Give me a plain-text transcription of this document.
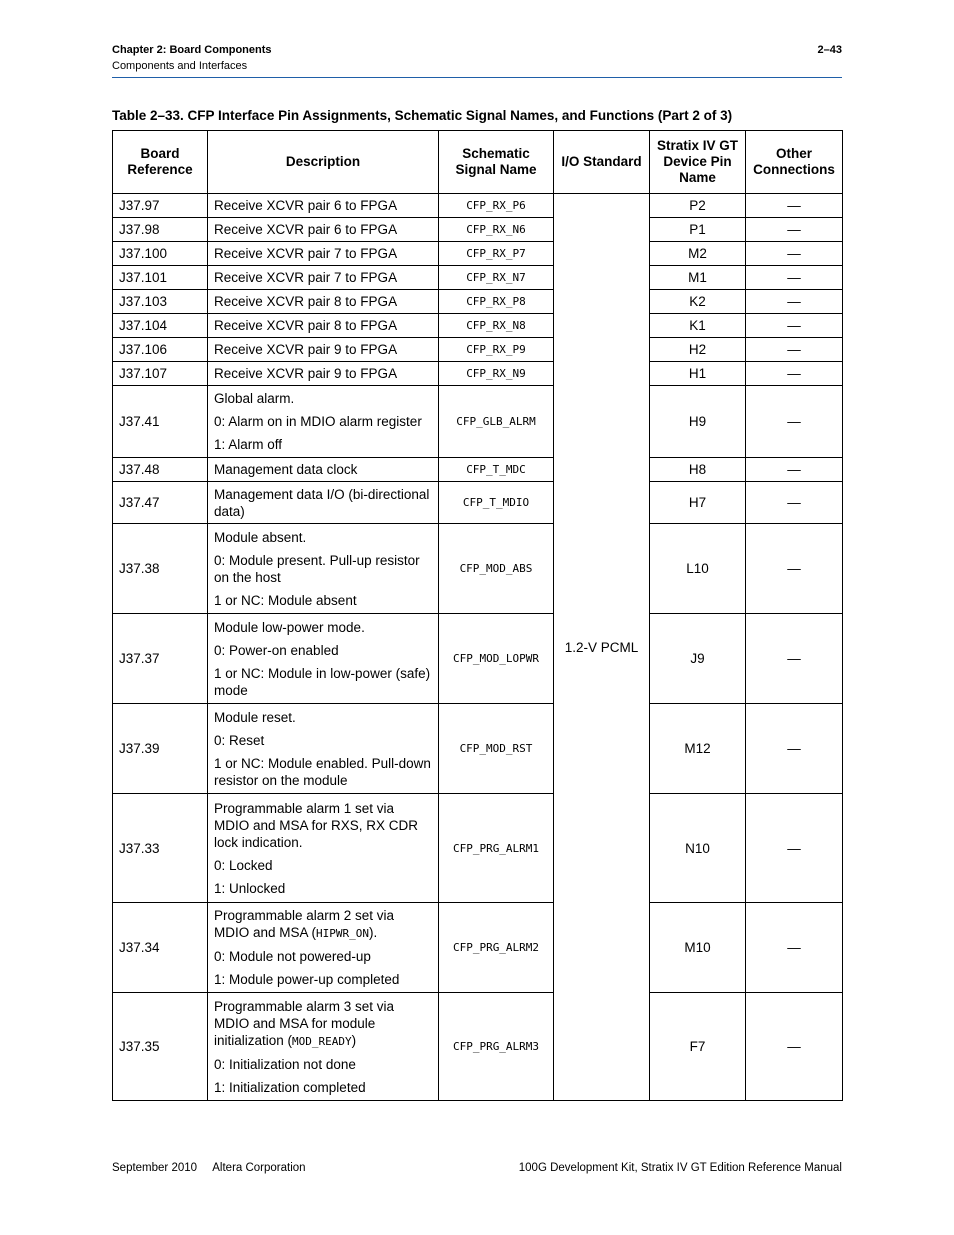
Chapter 2: Board Components
Components and Interfaces
2–43
Table 2–33. CFP Interface Pin Assignments, Schematic Signal Names, and Functions (Part 2 of 3)
Board Reference	Description	Schematic Signal Name	I/O Standard	Stratix IV GT Device Pin Name	Other Connections
J37.97	Receive XCVR pair 6 to FPGA	CFP_RX_P6	1.2-V PCML	P2	—
J37.98	Receive XCVR pair 6 to FPGA	CFP_RX_N6		P1	—
J37.100	Receive XCVR pair 7 to FPGA	CFP_RX_P7		M2	—
J37.101	Receive XCVR pair 7 to FPGA	CFP_RX_N7		M1	—
J37.103	Receive XCVR pair 8 to FPGA	CFP_RX_P8		K2	—
J37.104	Receive XCVR pair 8 to FPGA	CFP_RX_N8		K1	—
J37.106	Receive XCVR pair 9 to FPGA	CFP_RX_P9		H2	—
J37.107	Receive XCVR pair 9 to FPGA	CFP_RX_N9		H1	—
J37.41	Global alarm.

0: Alarm on in MDIO alarm register

1: Alarm off	CFP_GLB_ALRM		H9	—
J37.48	Management data clock	CFP_T_MDC		H8	—
J37.47	Management data I/O (bi-directional data)	CFP_T_MDIO		H7	—
J37.38	Module absent.

0: Module present. Pull-up resistor on the host

1 or NC: Module absent	CFP_MOD_ABS		L10	—
J37.37	Module low-power mode.

0: Power-on enabled

1 or NC: Module in low-power (safe) mode	CFP_MOD_LOPWR		J9	—
J37.39	Module reset.

0: Reset

1 or NC: Module enabled. Pull-down resistor on the module	CFP_MOD_RST		M12	—
J37.33	Programmable alarm 1 set via MDIO and MSA for RXS, RX CDR lock indication.

0: Locked

1: Unlocked	CFP_PRG_ALRM1		N10	—
J37.34	Programmable alarm 2 set via MDIO and MSA (HIPWR_ON).

0: Module not powered-up

1: Module power-up completed	CFP_PRG_ALRM2		M10	—
J37.35	Programmable alarm 3 set via MDIO and MSA for module initialization (MOD_READY)

0: Initialization not done

1: Initialization completed	CFP_PRG_ALRM3		F7	—
September 2010 Altera Corporation	100G Development Kit, Stratix IV GT Edition Reference Manual
